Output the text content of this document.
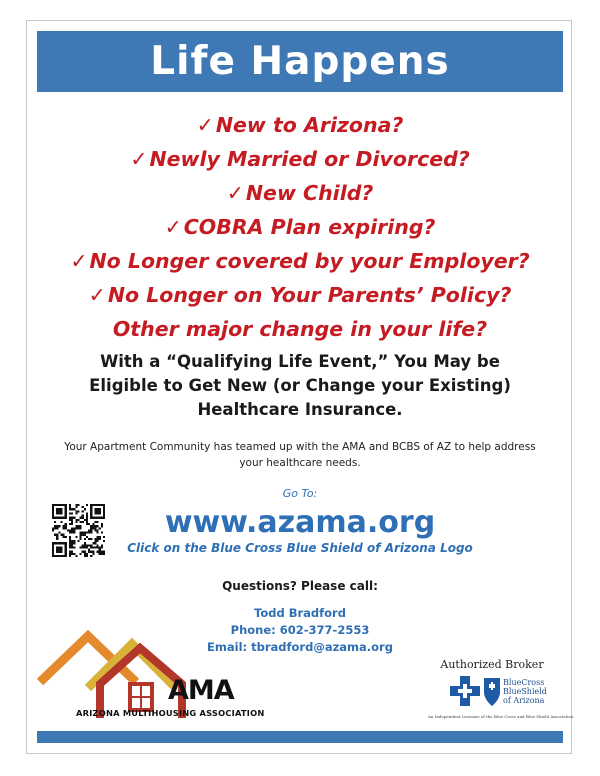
Life Happens
✓New to Arizona?
✓Newly Married or Divorced?
✓New Child?
✓COBRA Plan expiring?
✓No Longer covered by your Employer?
✓No Longer on Your Parents’ Policy?
Other major change in your life?
With a “Qualifying Life Event,” You May be
Eligible to Get New (or Change your Existing)
Healthcare Insurance.
Your Apartment Community has teamed up with the AMA and BCBS of AZ to help address
your healthcare needs.
Go To:
www.azama.org
Click on the Blue Cross Blue Shield of Arizona Logo
Questions? Please call:
Todd Bradford
Phone: 602-377-2553
Email: tbradford@azama.org
AMA
ARIZONA MULTIHOUSING ASSOCIATION
Authorized Broker
BlueCross
BlueShield
of Arizona
An Independent Licensee of the Blue Cross and Blue Shield Association
